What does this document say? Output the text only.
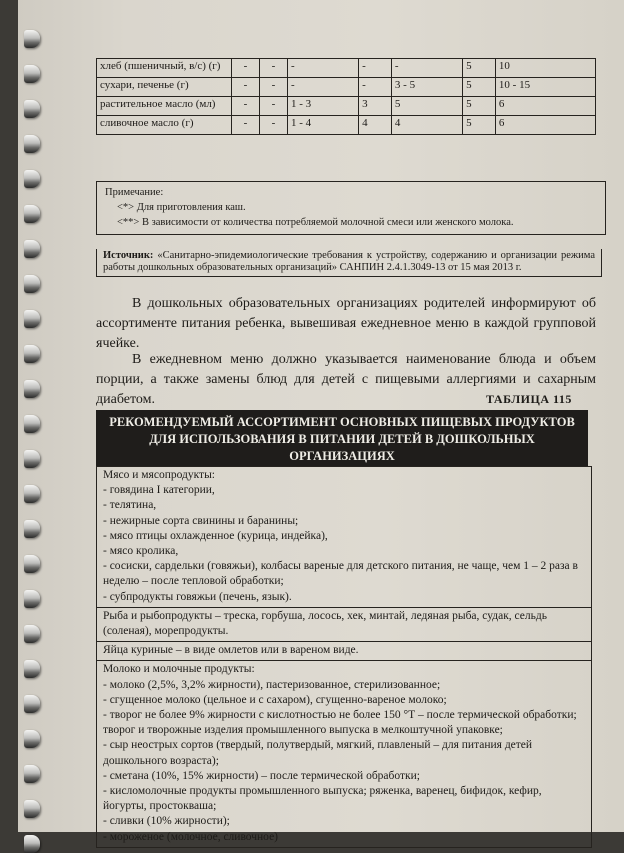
хлеб (пшеничный, в/с) (г)	-	-	-	-	-	5	10
сухари, печенье (г)	-	-	-	-	3 - 5	5	10 - 15
растительное масло (мл)	-	-	1 - 3	3	5	5	6
сливочное масло (г)	-	-	1 - 4	4	4	5	6
Примечание:
<*> Для приготовления каш.
<**> В зависимости от количества потребляемой молочной смеси или женского молока.
Источник: «Санитарно-эпидемиологические требования к устройству, содержанию и организации режима работы дошкольных образовательных организаций» САНПИН 2.4.1.3049-13 от 15 мая 2013 г.
В дошкольных образовательных организациях родителей информируют об ассортименте питания ребенка, вывешивая ежедневное меню в каждой групповой ячейке.
В ежедневном меню должно указывается наименование блюда и объем порции, а также замены блюд для детей с пищевыми аллергиями и сахарным диабетом.	ТАБЛИЦА 115
РЕКОМЕНДУЕМЫЙ АССОРТИМЕНТ ОСНОВНЫХ ПИЩЕВЫХ ПРОДУКТОВ ДЛЯ ИСПОЛЬЗОВАНИЯ В ПИТАНИИ ДЕТЕЙ В ДОШКОЛЬНЫХ ОРГАНИЗАЦИЯХ
Мясо и мясопродукты:
- говядина I категории,
- телятина,
- нежирные сорта свинины и баранины;
- мясо птицы охлажденное (курица, индейка),
- мясо кролика,
- сосиски, сардельки (говяжьи), колбасы вареные для детского питания, не чаще, чем 1 – 2 раза в неделю – после тепловой обработки;
- субпродукты говяжьи (печень, язык).
Рыба и рыбопродукты – треска, горбуша, лосось, хек, минтай, ледяная рыба, судак, сельдь (соленая), морепродукты.
Яйца куриные – в виде омлетов или в вареном виде.
Молоко и молочные продукты:
- молоко (2,5%, 3,2% жирности), пастеризованное, стерилизованное;
- сгущенное молоко (цельное и с сахаром), сгущенно-вареное молоко;
- творог не более 9% жирности с кислотностью не более 150 °Т – после термической обработки; творог и творожные изделия промышленного выпуска в мелкоштучной упаковке;
- сыр неострых сортов (твердый, полутвердый, мягкий, плавленый – для питания детей дошкольного возраста);
- сметана (10%, 15% жирности) – после термической обработки;
- кисломолочные продукты промышленного выпуска; ряженка, варенец, бифидок, кефир, йогурты, простокваша;
- сливки (10% жирности);
- мороженое (молочное, сливочное)
